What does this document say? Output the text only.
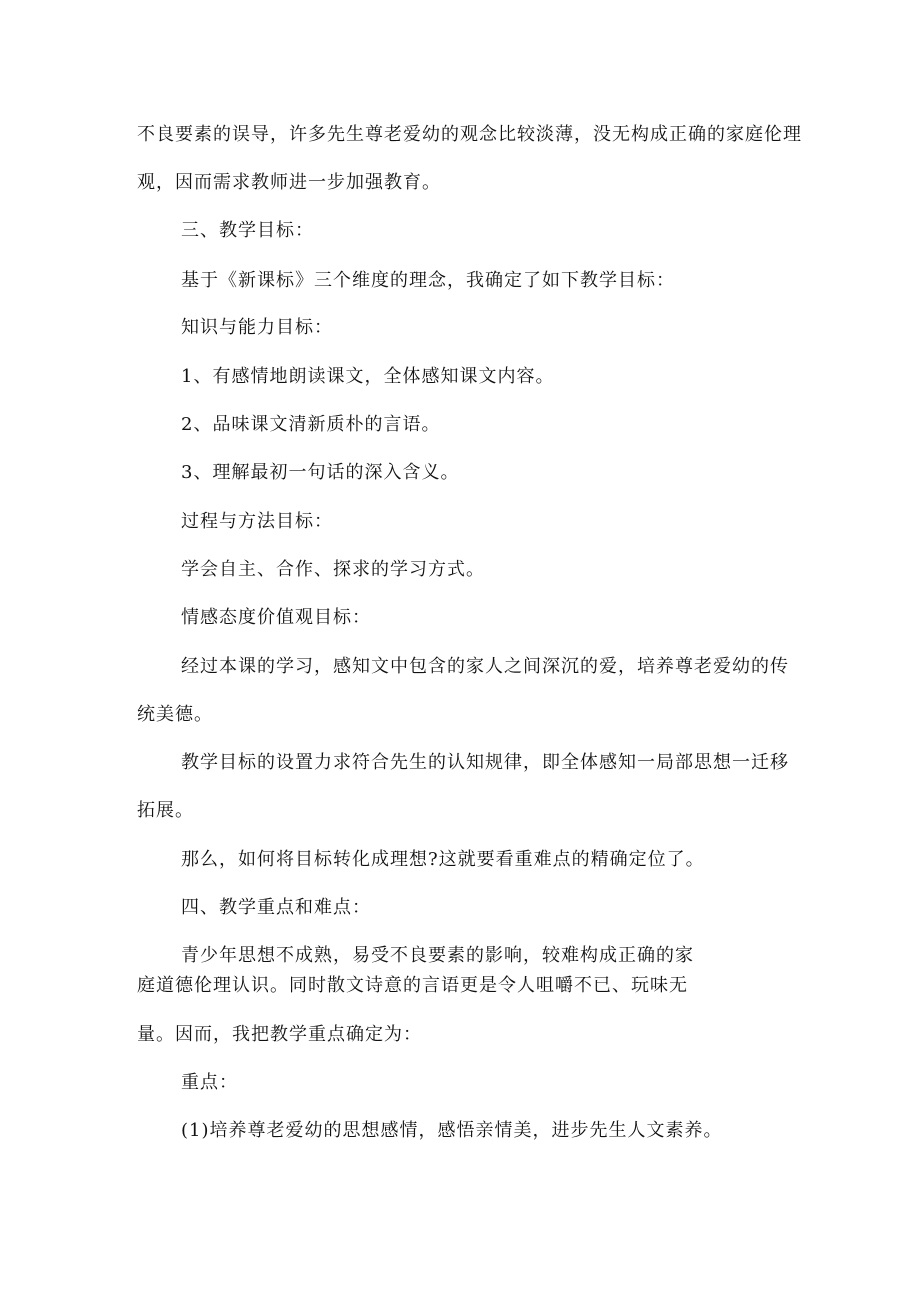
不良要素的误导，许多先生尊老爱幼的观念比较淡薄，没无构成正确的家庭伦理
观，因而需求教师进一步加强教育。
三、教学目标：
基于《新课标》三个维度的理念，我确定了如下教学目标：
知识与能力目标：
1、有感情地朗读课文，全体感知课文内容。
2、品味课文清新质朴的言语。
3、理解最初一句话的深入含义。
过程与方法目标：
学会自主、合作、探求的学习方式。
情感态度价值观目标：
经过本课的学习，感知文中包含的家人之间深沉的爱，培养尊老爱幼的传
统美德。
教学目标的设置力求符合先生的认知规律，即全体感知一局部思想一迁移
拓展。
那么，如何将目标转化成理想?这就要看重难点的精确定位了。
四、教学重点和难点：
青少年思想不成熟，易受不良要素的影响，较难构成正确的家
庭道德伦理认识。同时散文诗意的言语更是令人咀嚼不已、玩味无
量。因而，我把教学重点确定为：
重点：
(1)培养尊老爱幼的思想感情，感悟亲情美，进步先生人文素养。
